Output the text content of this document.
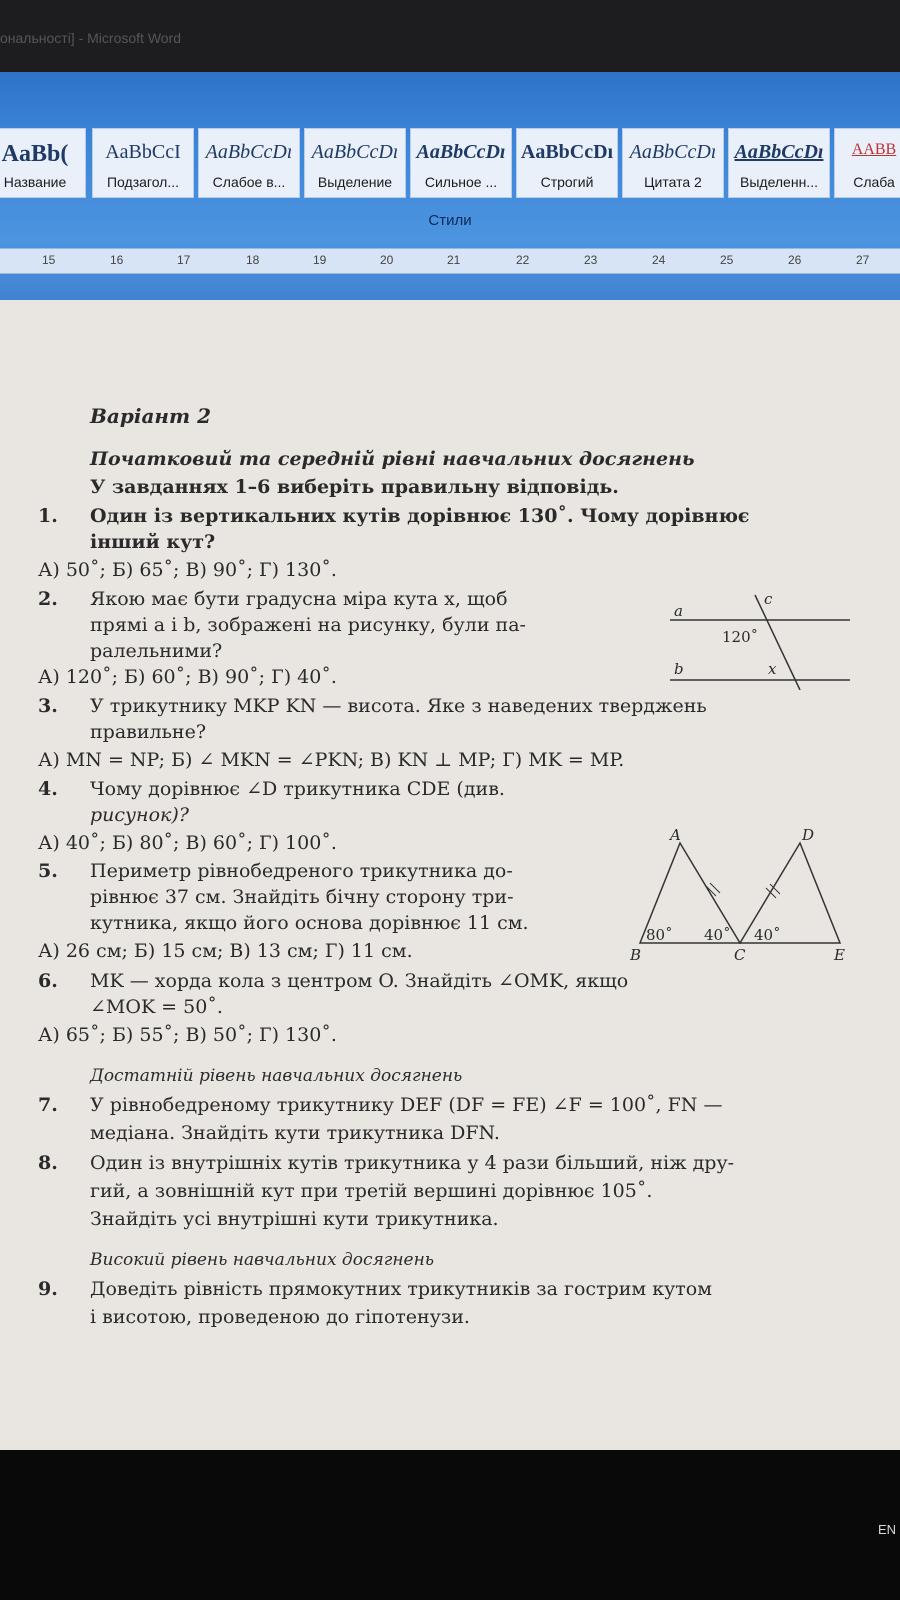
ональності] - Microsoft Word
AaBb(
Название
AaBbCcI
Подзагол...
AaBbCcDı
Слабое в...
AaBbCcDı
Выделение
AaBbCcDı
Сильное ...
AaBbCcDı
Строгий
AaBbCcDı
Цитата 2
AaBbCcDı
Выделенн...
AABB
Слаба
Стили
15	16	17	18	19	20	21	22	23	24	25	26	27
Варіант 2
Початковий та середній рівні навчальних досягнень
У завданнях 1–6 виберіть правильну відповідь.
1. Один із вертикальних кутів дорівнює 130˚. Чому дорівнює
інший кут?
А) 50˚; Б) 65˚; В) 90˚; Г) 130˚.
2. Якою має бути градусна міра кута x, щоб
прямі a і b, зображені на рисунку, були па-
ралельними?
А) 120˚; Б) 60˚; В) 90˚; Г) 40˚.
3. У трикутнику MKP KN — висота. Яке з наведених тверджень
правильне?
А) MN = NP; Б) ∠ MKN = ∠PKN; В) KN ⊥ MP; Г) MK = MP.
4. Чому дорівнює ∠D трикутника CDE (див.
рисунок)?
А) 40˚; Б) 80˚; В) 60˚; Г) 100˚.
5. Периметр рівнобедреного трикутника до-
рівнює 37 см. Знайдіть бічну сторону три-
кутника, якщо його основа дорівнює 11 см.
А) 26 см; Б) 15 см; В) 13 см; Г) 11 см.
6. MK — хорда кола з центром O. Знайдіть ∠OMK, якщо
∠MOK = 50˚.
А) 65˚; Б) 55˚; В) 50˚; Г) 130˚.
Достатній рівень навчальних досягнень
7. У рівнобедреному трикутнику DEF (DF = FE) ∠F = 100˚, FN —
медіана. Знайдіть кути трикутника DFN.
8. Один із внутрішніх кутів трикутника у 4 рази більший, ніж дру-
гий, а зовнішній кут при третій вершині дорівнює 105˚.
Знайдіть усі внутрішні кути трикутника.
Високий рівень навчальних досягнень
9. Доведіть рівність прямокутних трикутників за гострим кутом
і висотою, проведеною до гіпотенузи.
a
b
c
120˚
x
A
B	C
D
E
80˚ 40˚ 40˚
EN
